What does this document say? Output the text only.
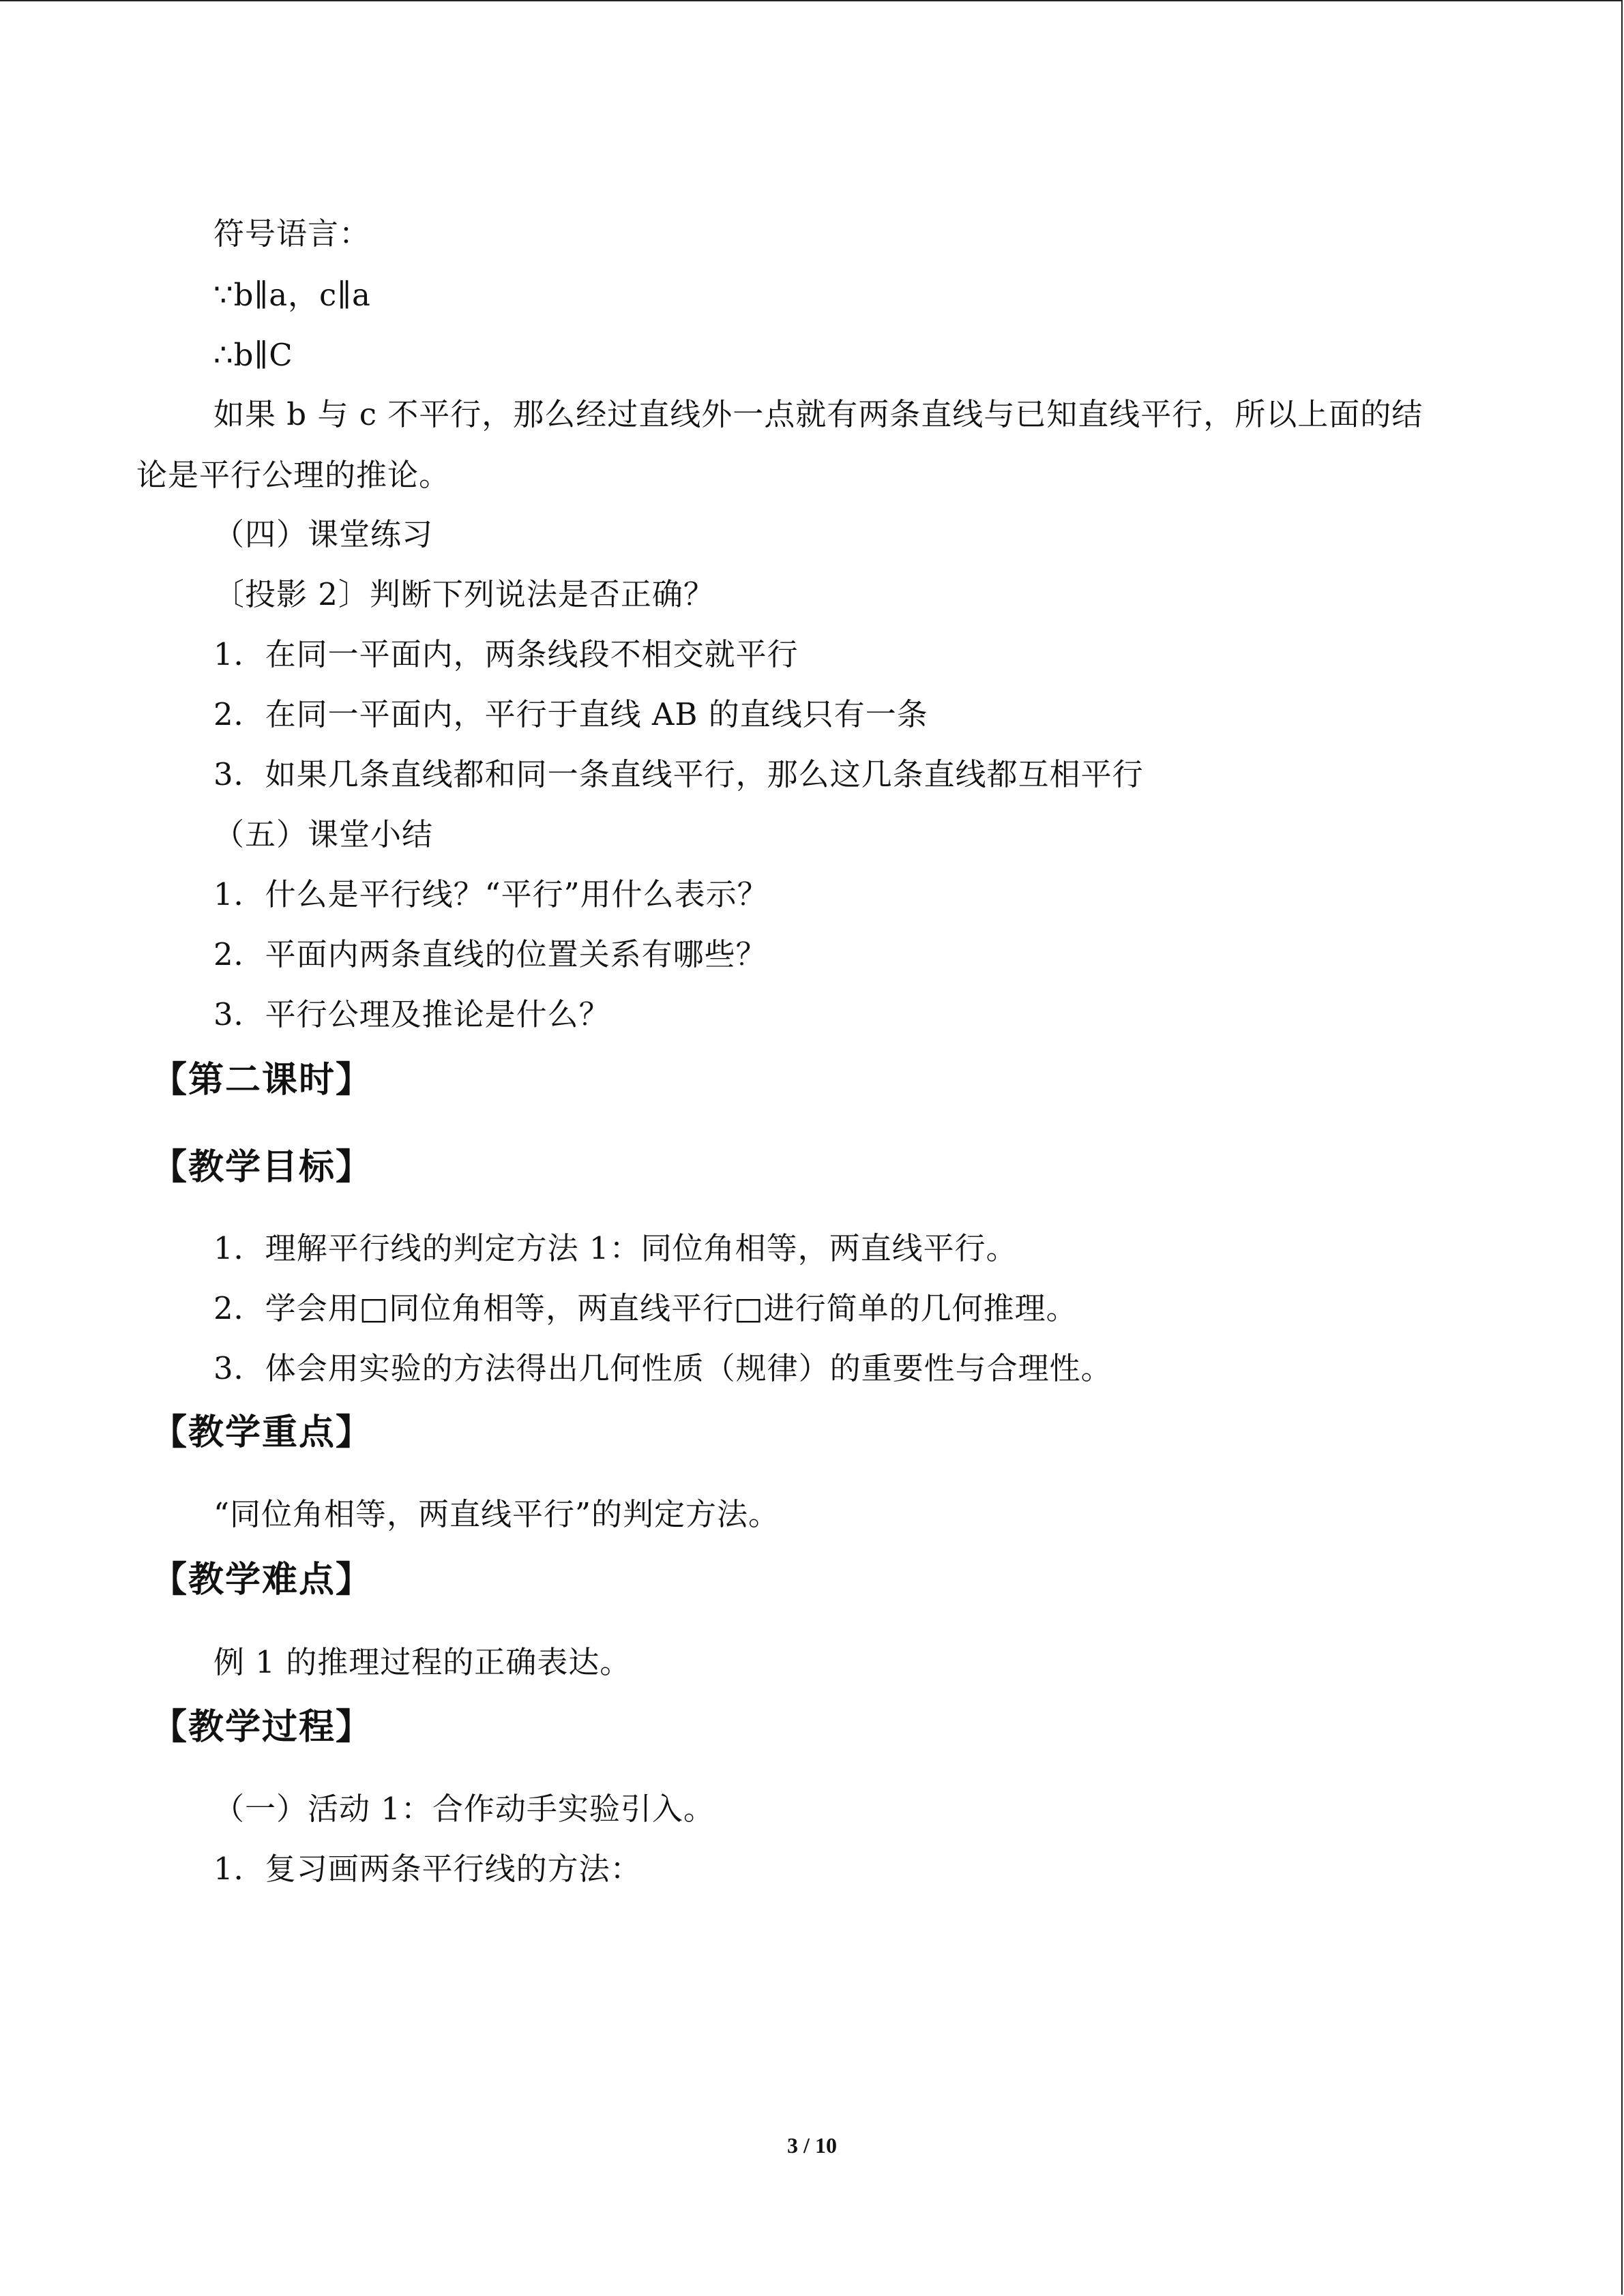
符号语言：
∵b∥a，c∥a
∴b∥C
如果 b 与 c 不平行，那么经过直线外一点就有两条直线与已知直线平行，所以上面的结
论是平行公理的推论。
（四）课堂练习
〔投影 2〕判断下列说法是否正确？
1．在同一平面内，两条线段不相交就平行
2．在同一平面内，平行于直线 AB 的直线只有一条
3．如果几条直线都和同一条直线平行，那么这几条直线都互相平行
（五）课堂小结
1．什么是平行线？“平行”用什么表示？
2．平面内两条直线的位置关系有哪些？
3．平行公理及推论是什么？
【第二课时】
【教学目标】
1．理解平行线的判定方法 1：同位角相等，两直线平行。
2．学会用□同位角相等，两直线平行□进行简单的几何推理。
3．体会用实验的方法得出几何性质（规律）的重要性与合理性。
【教学重点】
“同位角相等，两直线平行”的判定方法。
【教学难点】
例 1 的推理过程的正确表达。
【教学过程】
（一）活动 1：合作动手实验引入。
1．复习画两条平行线的方法：
3 / 10
